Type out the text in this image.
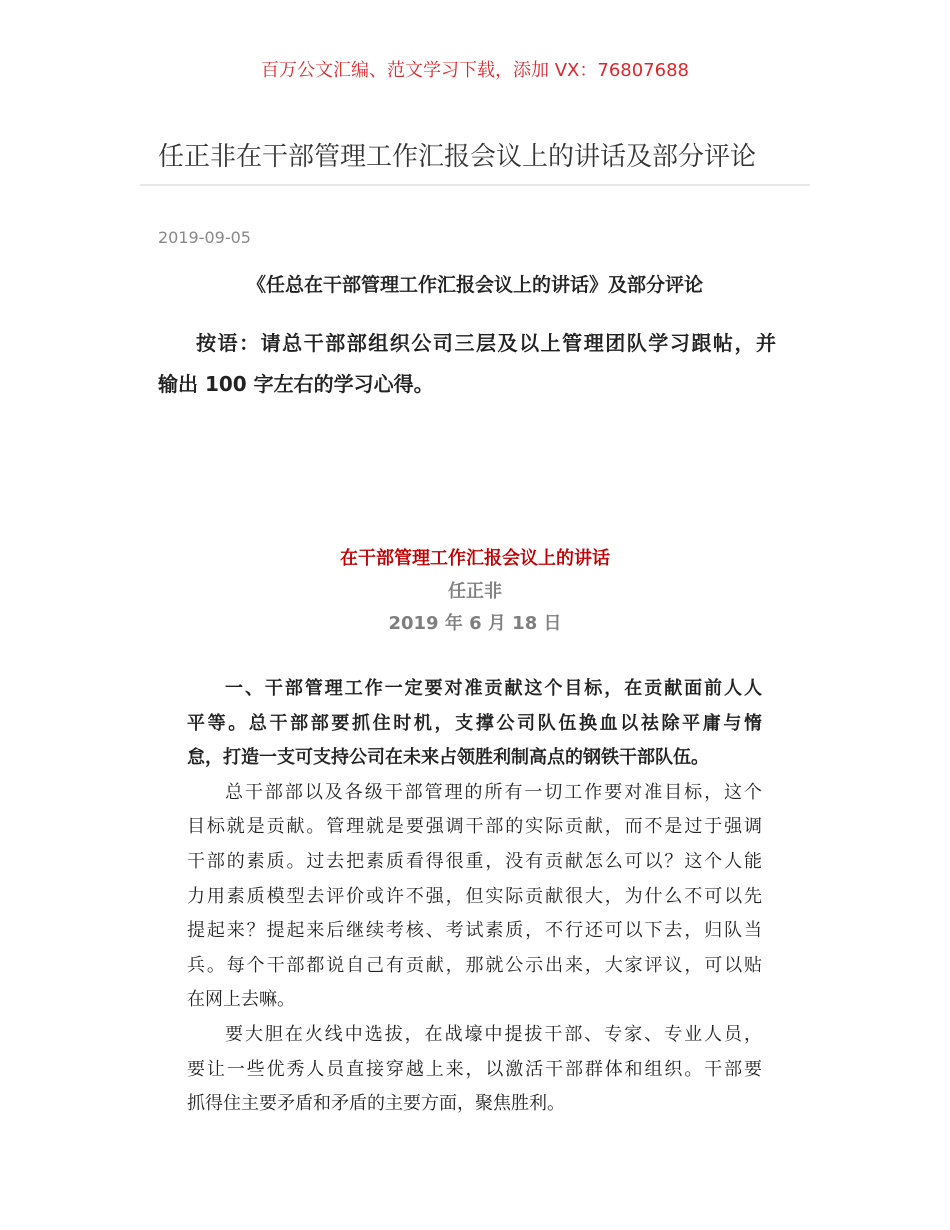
百万公文汇编、范文学习下载，添加 VX：76807688
任正非在干部管理工作汇报会议上的讲话及部分评论
2019-09-05
《任总在干部管理工作汇报会议上的讲话》及部分评论
按语：请总干部部组织公司三层及以上管理团队学习跟帖，并
输出 100 字左右的学习心得。
在干部管理工作汇报会议上的讲话
任正非
2019 年 6 月 18 日
一、干部管理工作一定要对准贡献这个目标，在贡献面前人人
平等。总干部部要抓住时机，支撑公司队伍换血以祛除平庸与惰
怠，打造一支可支持公司在未来占领胜利制高点的钢铁干部队伍。
总干部部以及各级干部管理的所有一切工作要对准目标，这个
目标就是贡献。管理就是要强调干部的实际贡献，而不是过于强调
干部的素质。过去把素质看得很重，没有贡献怎么可以？这个人能
力用素质模型去评价或许不强，但实际贡献很大，为什么不可以先
提起来？提起来后继续考核、考试素质，不行还可以下去，归队当
兵。每个干部都说自己有贡献，那就公示出来，大家评议，可以贴
在网上去嘛。
要大胆在火线中选拔，在战壕中提拔干部、专家、专业人员，
要让一些优秀人员直接穿越上来，以激活干部群体和组织。干部要
抓得住主要矛盾和矛盾的主要方面，聚焦胜利。
